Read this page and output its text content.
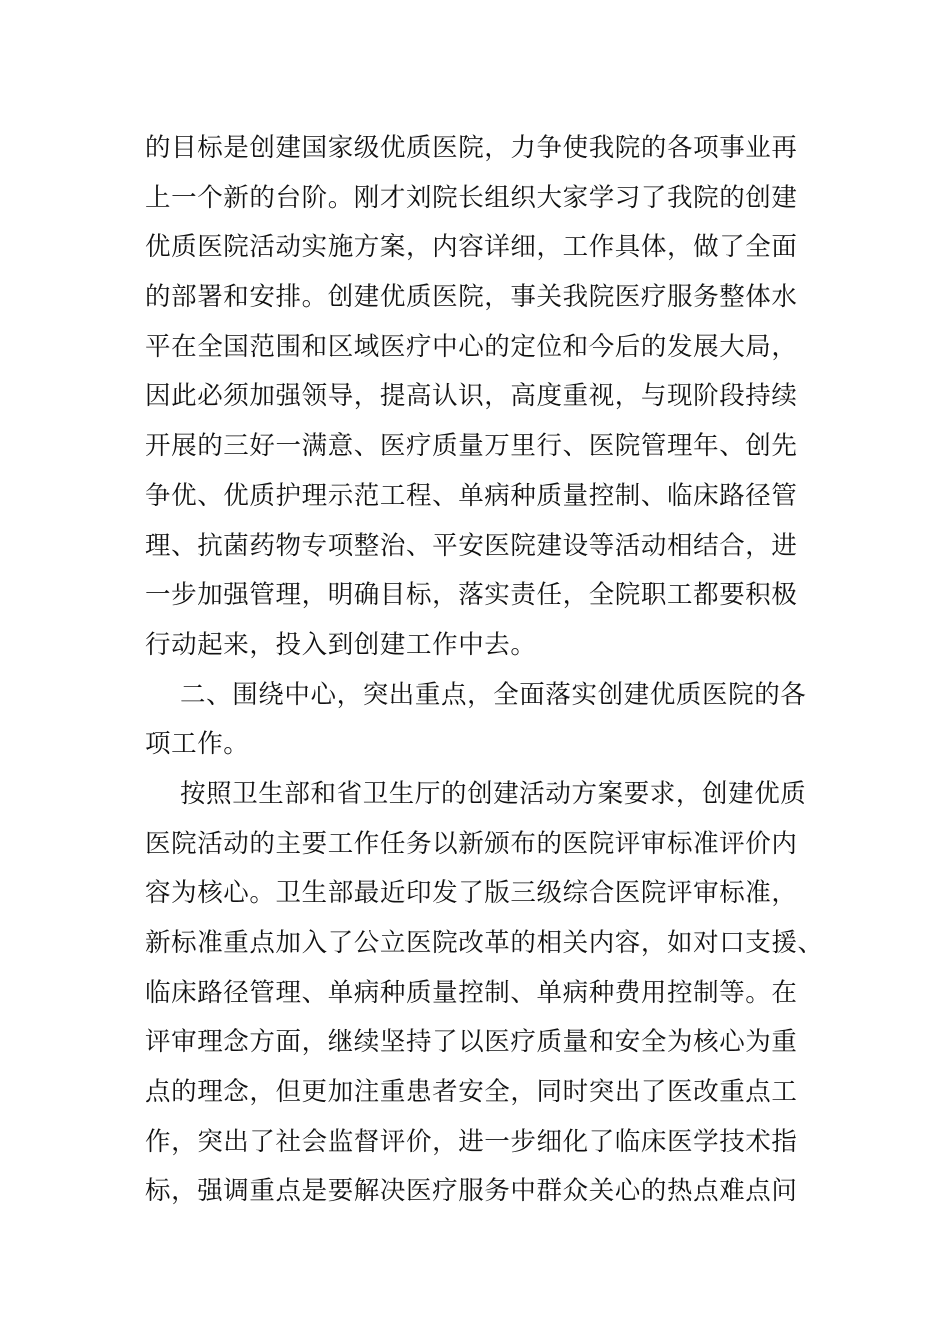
的目标是创建国家级优质医院，力争使我院的各项事业再
上一个新的台阶。刚才刘院长组织大家学习了我院的创建
优质医院活动实施方案，内容详细，工作具体，做了全面
的部署和安排。创建优质医院，事关我院医疗服务整体水
平在全国范围和区域医疗中心的定位和今后的发展大局，
因此必须加强领导，提高认识，高度重视，与现阶段持续
开展的三好一满意、医疗质量万里行、医院管理年、创先
争优、优质护理示范工程、单病种质量控制、临床路径管
理、抗菌药物专项整治、平安医院建设等活动相结合，进
一步加强管理，明确目标，落实责任，全院职工都要积极
行动起来，投入到创建工作中去。
二、围绕中心，突出重点，全面落实创建优质医院的各
项工作。
按照卫生部和省卫生厅的创建活动方案要求，创建优质
医院活动的主要工作任务以新颁布的医院评审标准评价内
容为核心。卫生部最近印发了版三级综合医院评审标准，
新标准重点加入了公立医院改革的相关内容，如对口支援、
临床路径管理、单病种质量控制、单病种费用控制等。在
评审理念方面，继续坚持了以医疗质量和安全为核心为重
点的理念，但更加注重患者安全，同时突出了医改重点工
作，突出了社会监督评价，进一步细化了临床医学技术指
标，强调重点是要解决医疗服务中群众关心的热点难点问
